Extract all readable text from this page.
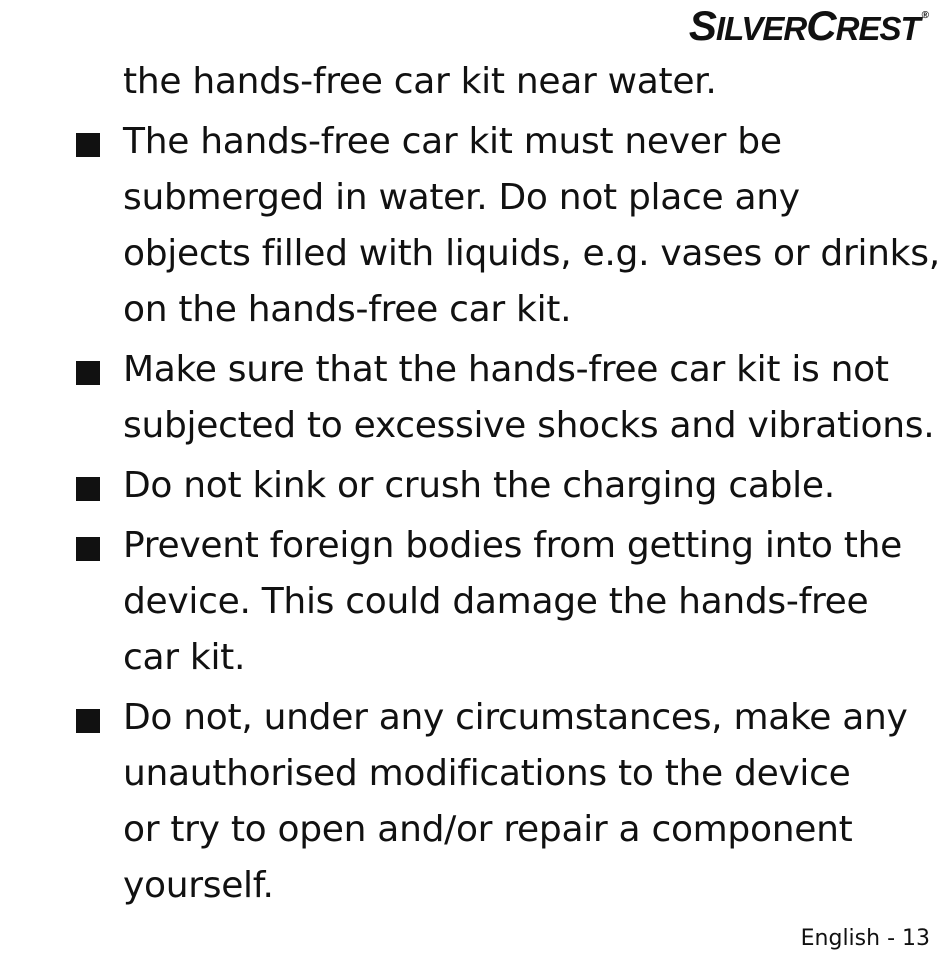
SILVERCREST ®
the hands-free car kit near water.
The hands-free car kit must never be
submerged in water. Do not place any
objects filled with liquids, e.g. vases or drinks,
on the hands-free car kit.
Make sure that the hands-free car kit is not
subjected to excessive shocks and vibrations.
Do not kink or crush the charging cable.
Prevent foreign bodies from getting into the
device. This could damage the hands-free
car kit.
Do not, under any circumstances, make any
unauthorised modifications to the device
or try to open and/or repair a component
yourself.
English - 13
